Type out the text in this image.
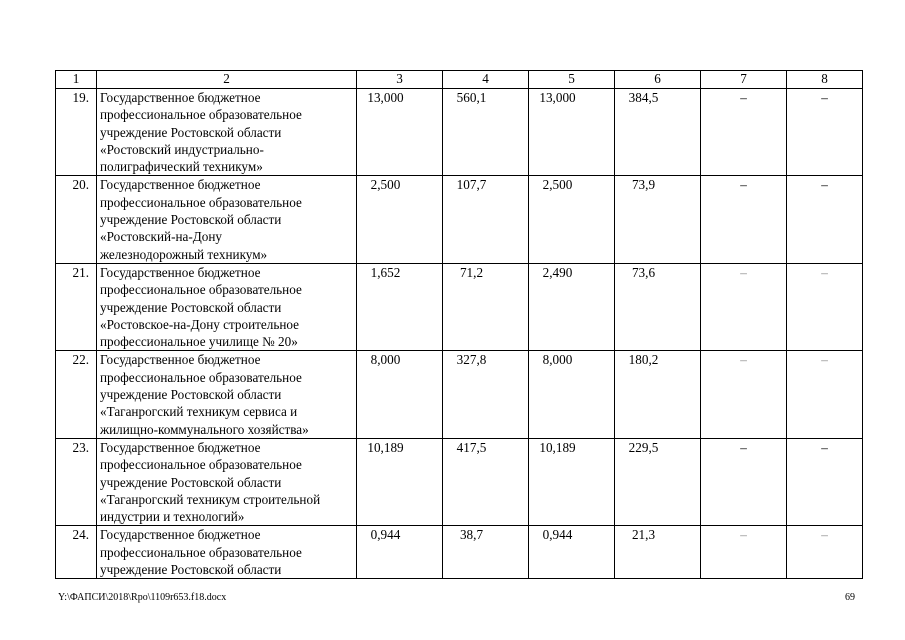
1	2	3	4	5	6	7	8
19.	Государственное бюджетное
профессиональное образовательное
учреждение Ростовской области
«Ростовский индустриально-
полиграфический техникум»	13,000	560,1	13,000	384,5	–	–
20.	Государственное бюджетное
профессиональное образовательное
учреждение Ростовской области
«Ростовский-на-Дону
железнодорожный техникум»	2,500	107,7	2,500	73,9	–	–
21.	Государственное бюджетное
профессиональное образовательное
учреждение Ростовской области
«Ростовское-на-Дону строительное
профессиональное училище № 20»	1,652	71,2	2,490	73,6	–	–
22.	Государственное бюджетное
профессиональное образовательное
учреждение Ростовской области
«Таганрогский техникум сервиса и
жилищно-коммунального хозяйства»	8,000	327,8	8,000	180,2	–	–
23.	Государственное бюджетное
профессиональное образовательное
учреждение Ростовской области
«Таганрогский техникум строительной
индустрии и технологий»	10,189	417,5	10,189	229,5	–	–
24.	Государственное бюджетное
профессиональное образовательное
учреждение Ростовской области	0,944	38,7	0,944	21,3	–	–
Y:\ФАПСИ\2018\Rpo\1109r653.f18.docx	69
